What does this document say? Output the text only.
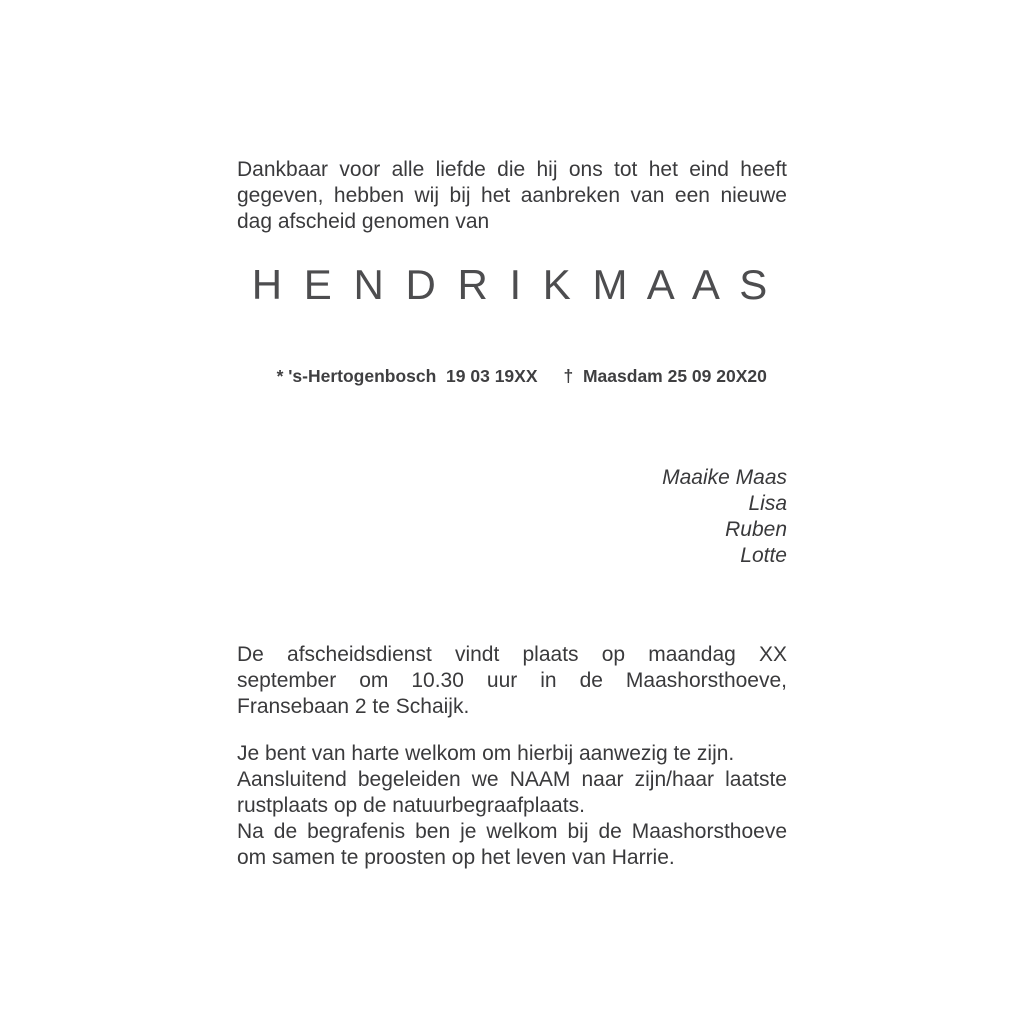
Dankbaar voor alle liefde die hij ons tot het eind heeft
gegeven, hebben wij bij het aanbreken van een nieuwe
dag afscheid genomen van
H E N D R I K M A A S

* 's-Hertogenbosch  19 03 19XX †  Maasdam 25 09 20X20

Maaike Maas
Lisa
Ruben
Lotte
De afscheidsdienst vindt plaats op maandag XX
september om 10.30 uur in de Maashorsthoeve,
Fransebaan 2 te Schaijk.
Je bent van harte welkom om hierbij aanwezig te zijn.
Aansluitend begeleiden we NAAM naar zijn/haar laatste
rustplaats op de natuurbegraafplaats.
Na de begrafenis ben je welkom bij de Maashorsthoeve
om samen te proosten op het leven van Harrie.
